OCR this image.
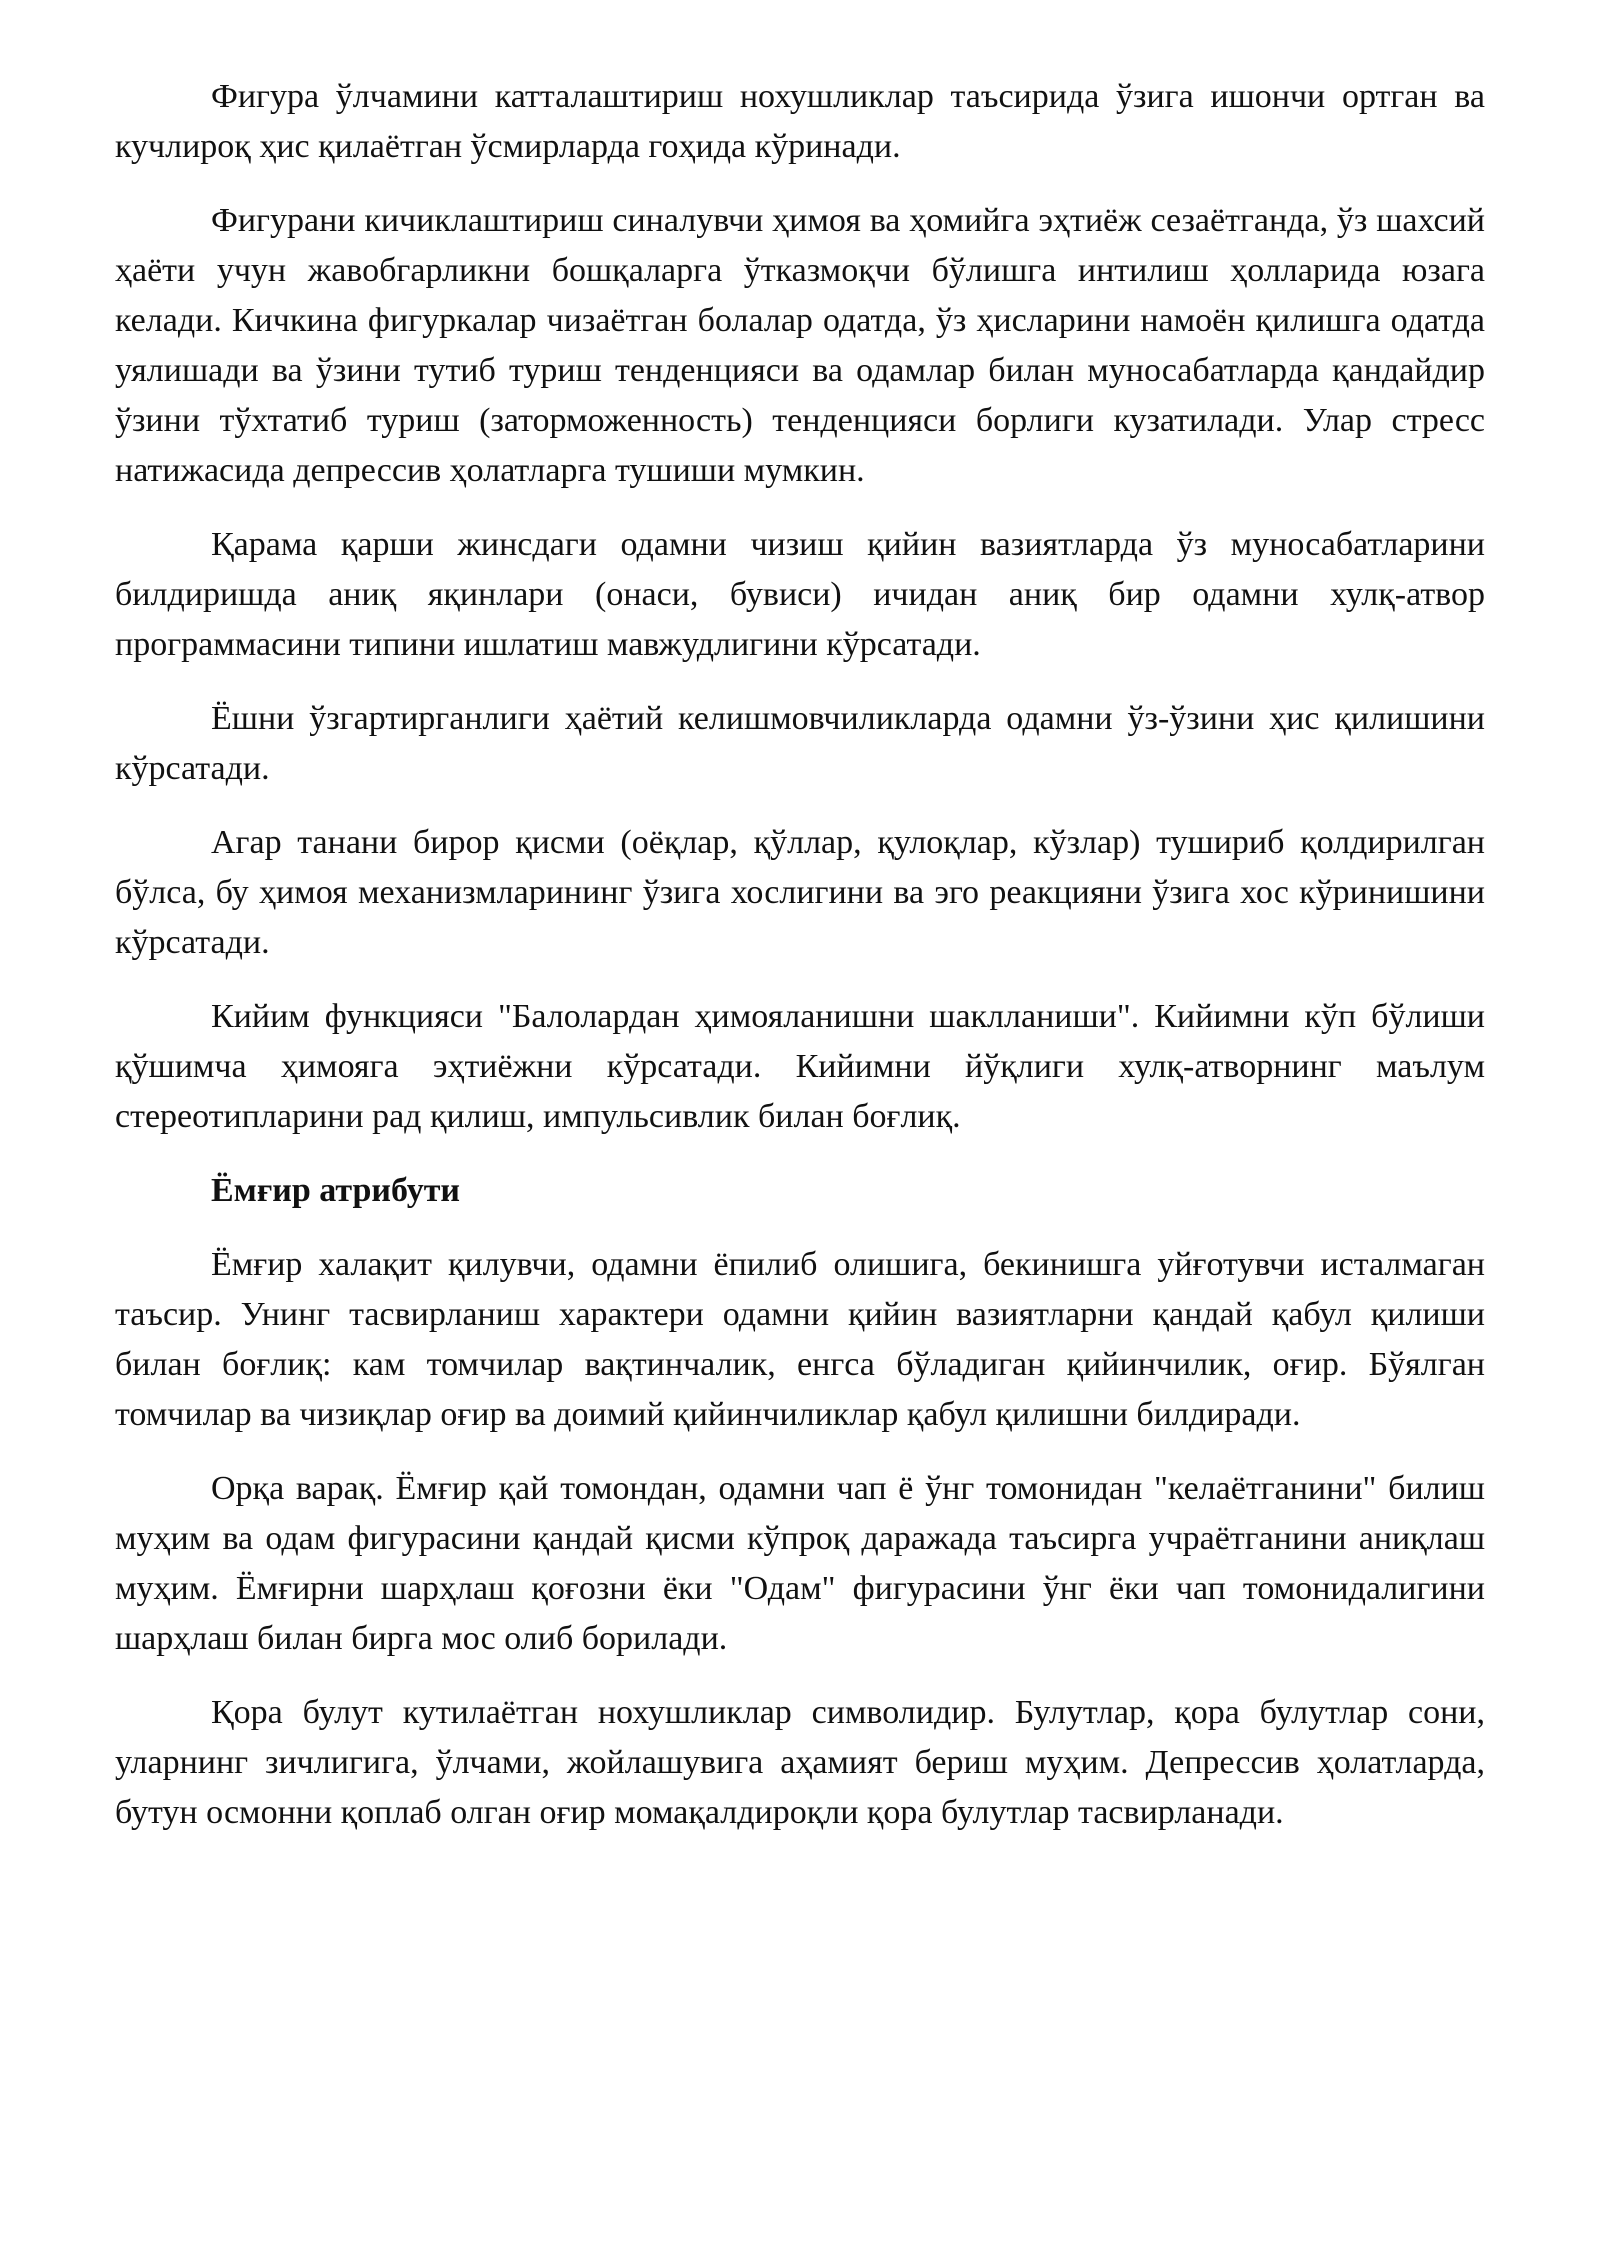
Фигура ўлчамини катталаштириш нохушликлар таъсирида ўзига ишончи ортган ва кучлироқ ҳис қилаётган ўсмирларда гоҳида кўринади.

Фигурани кичиклаштириш синалувчи ҳимоя ва ҳомийга эҳтиёж сезаётганда, ўз шахсий ҳаёти учун жавобгарликни бошқаларга ўтказмоқчи бўлишга интилиш ҳолларида юзага келади. Кичкина фигуркалар чизаётган болалар одатда, ўз ҳисларини намоён қилишга одатда уялишади ва ўзини тутиб туриш тенденцияси ва одамлар билан муносабатларда қандайдир ўзини тўхтатиб туриш (заторможенность) тенденцияси борлиги кузатилади. Улар стресс натижасида депрессив ҳолатларга тушиши мумкин.

Қарама қарши жинсдаги одамни чизиш қийин вазиятларда ўз муносабатларини билдиришда аниқ яқинлари (онаси, бувиси) ичидан аниқ бир одамни хулқ-атвор программасини типини ишлатиш мавжудлигини кўрсатади.

Ёшни ўзгартирганлиги ҳаётий келишмовчиликларда одамни ўз-ўзини ҳис қилишини кўрсатади.

Агар танани бирор қисми (оёқлар, қўллар, қулоқлар, кўзлар) тушириб қолдирилган бўлса, бу ҳимоя механизмларининг ўзига хослигини ва эго реакцияни ўзига хос кўринишини кўрсатади.

Кийим функцияси "Балолардан ҳимояланишни шаклланиши". Кийимни кўп бўлиши қўшимча ҳимояга эҳтиёжни кўрсатади. Кийимни йўқлиги хулқ-атворнинг маълум стереотипларини рад қилиш, импульсивлик билан боғлиқ.

Ёмғир атрибути

Ёмғир халақит қилувчи, одамни ёпилиб олишига, бекинишга уйғотувчи исталмаган таъсир. Унинг тасвирланиш характери одамни қийин вазиятларни қандай қабул қилиши билан боғлиқ: кам томчилар вақтинчалик, енгса бўладиган қийинчилик, оғир. Бўялган томчилар ва чизиқлар оғир ва доимий қийинчиликлар қабул қилишни билдиради.

Орқа варақ. Ёмғир қай томондан, одамни чап ё ўнг томонидан "келаётганини" билиш муҳим ва одам фигурасини қандай қисми кўпроқ даражада таъсирга учраётганини аниқлаш муҳим. Ёмғирни шарҳлаш қоғозни ёки "Одам" фигурасини ўнг ёки чап томонидалигини шарҳлаш билан бирга мос олиб борилади.

Қора булут кутилаётган нохушликлар символидир. Булутлар, қора булутлар сони, уларнинг зичлигига, ўлчами, жойлашувига аҳамият бериш муҳим. Депрессив ҳолатларда, бутун осмонни қоплаб олган оғир момақалдироқли қора булутлар тасвирланади.
